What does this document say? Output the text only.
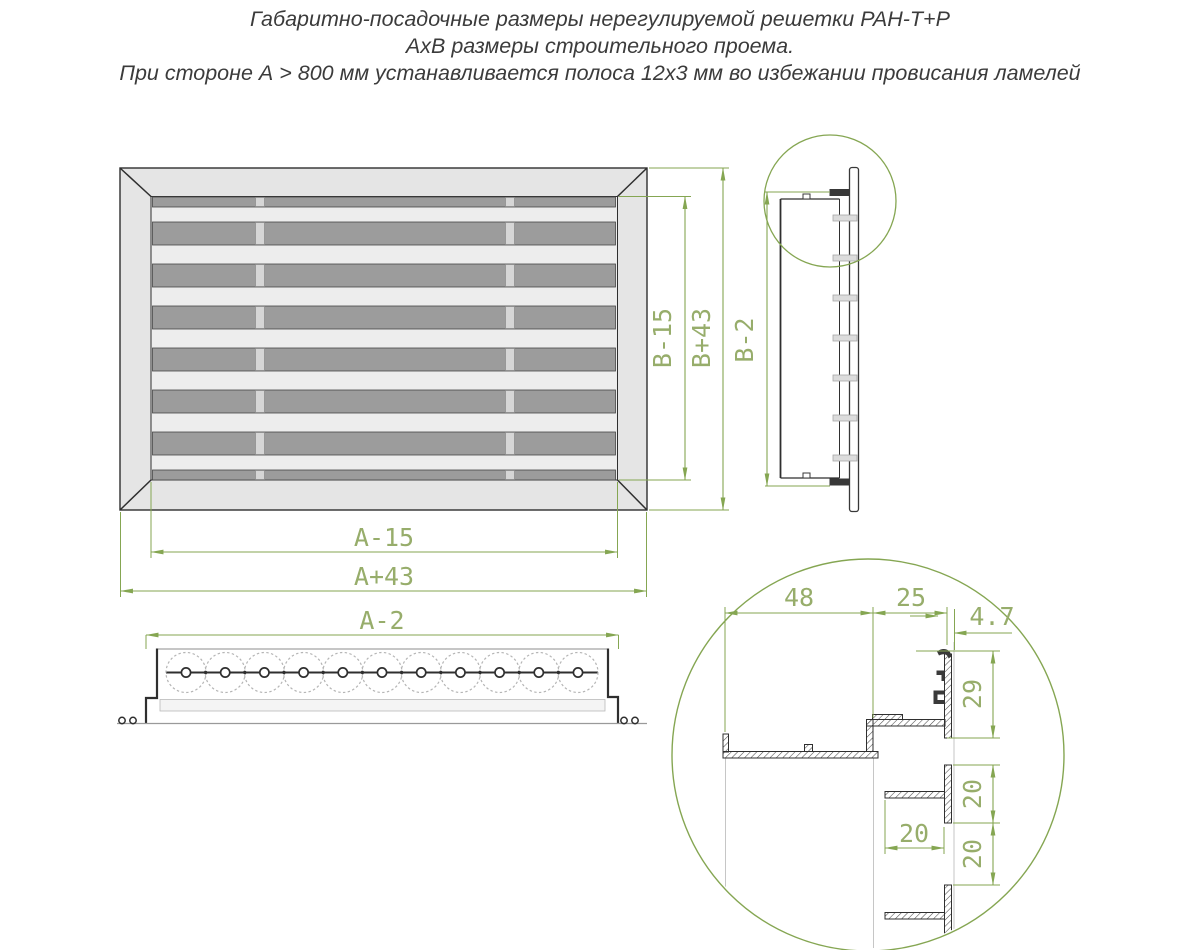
Габаритно-посадочные размеры нерегулируемой решетки РАН-Т+Р
АхВ размеры строительного проема.
При стороне А > 800 мм устанавливается полоса 12х3 мм во избежании провисания ламелей
А-15
А+43
А-2
В-15 В+43 В-2
48	25
4.7
29
20
20
20
